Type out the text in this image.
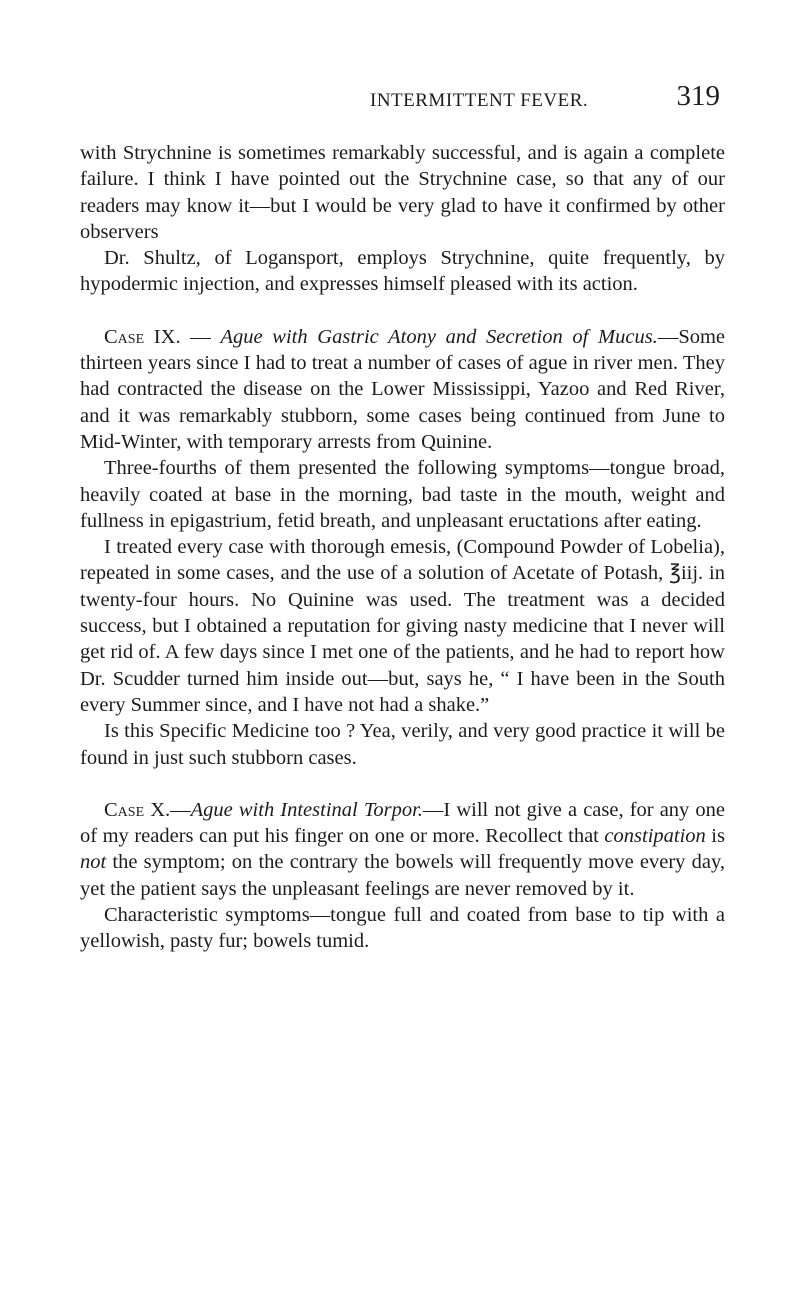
INTERMITTENT FEVER.	319

with Strychnine is sometimes remarkably successful, and is again a complete failure. I think I have pointed out the Strychnine case, so that any of our readers may know it—but I would be very glad to have it confirmed by other observers

Dr. Shultz, of Logansport, employs Strychnine, quite frequently, by hypodermic injection, and expresses himself pleased with its action.

Case IX. — Ague with Gastric Atony and Secretion of Mucus.—Some thirteen years since I had to treat a number of cases of ague in river men. They had contracted the disease on the Lower Mississippi, Yazoo and Red River, and it was remarkably stubborn, some cases being continued from June to Mid-Winter, with temporary arrests from Quinine.

Three-fourths of them presented the following symptoms—tongue broad, heavily coated at base in the morning, bad taste in the mouth, weight and fullness in epigastrium, fetid breath, and unpleasant eructations after eating.

I treated every case with thorough emesis, (Compound Powder of Lobelia), repeated in some cases, and the use of a solution of Acetate of Potash, ℥iij. in twenty-four hours. No Quinine was used. The treatment was a decided success, but I obtained a reputation for giving nasty medicine that I never will get rid of. A few days since I met one of the patients, and he had to report how Dr. Scudder turned him inside out—but, says he, “ I have been in the South every Summer since, and I have not had a shake.”

Is this Specific Medicine too ? Yea, verily, and very good practice it will be found in just such stubborn cases.

Case X.—Ague with Intestinal Torpor.—I will not give a case, for any one of my readers can put his finger on one or more. Recollect that constipation is not the symptom; on the contrary the bowels will frequently move every day, yet the patient says the unpleasant feelings are never removed by it.

Characteristic symptoms—tongue full and coated from base to tip with a yellowish, pasty fur; bowels tumid.
